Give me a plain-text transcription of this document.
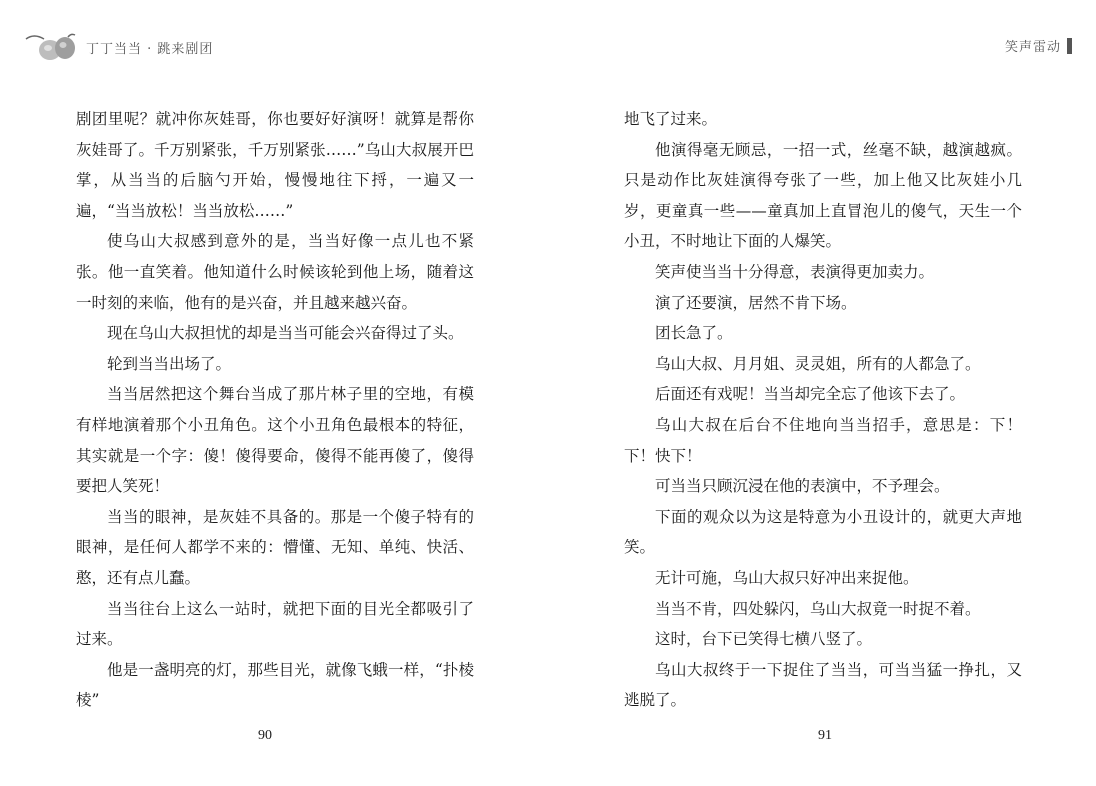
丁丁当当 · 跳来剧团	笑声雷动

剧团里呢？就冲你灰娃哥，你也要好好演呀！就算是帮你灰娃哥了。千万别紧张，千万别紧张……”乌山大叔展开巴掌，从当当的后脑勺开始，慢慢地往下捋，一遍又一遍，“当当放松！当当放松……”

使乌山大叔感到意外的是，当当好像一点儿也不紧张。他一直笑着。他知道什么时候该轮到他上场，随着这一时刻的来临，他有的是兴奋，并且越来越兴奋。

现在乌山大叔担忧的却是当当可能会兴奋得过了头。

轮到当当出场了。

当当居然把这个舞台当成了那片林子里的空地，有模有样地演着那个小丑角色。这个小丑角色最根本的特征，其实就是一个字：傻！傻得要命，傻得不能再傻了，傻得要把人笑死！

当当的眼神，是灰娃不具备的。那是一个傻子特有的眼神，是任何人都学不来的：懵懂、无知、单纯、快活、憨，还有点儿蠢。

当当往台上这么一站时，就把下面的目光全都吸引了过来。

他是一盏明亮的灯，那些目光，就像飞蛾一样，“扑棱棱”

地飞了过来。

他演得毫无顾忌，一招一式，丝毫不缺，越演越疯。只是动作比灰娃演得夸张了一些，加上他又比灰娃小几岁，更童真一些——童真加上直冒泡儿的傻气，天生一个小丑，不时地让下面的人爆笑。

笑声使当当十分得意，表演得更加卖力。

演了还要演，居然不肯下场。

团长急了。

乌山大叔、月月姐、灵灵姐，所有的人都急了。

后面还有戏呢！当当却完全忘了他该下去了。

乌山大叔在后台不住地向当当招手，意思是：下！下！快下！

可当当只顾沉浸在他的表演中，不予理会。

下面的观众以为这是特意为小丑设计的，就更大声地笑。

无计可施，乌山大叔只好冲出来捉他。

当当不肯，四处躲闪，乌山大叔竟一时捉不着。

这时，台下已笑得七横八竖了。

乌山大叔终于一下捉住了当当，可当当猛一挣扎，又逃脱了。

90	91
